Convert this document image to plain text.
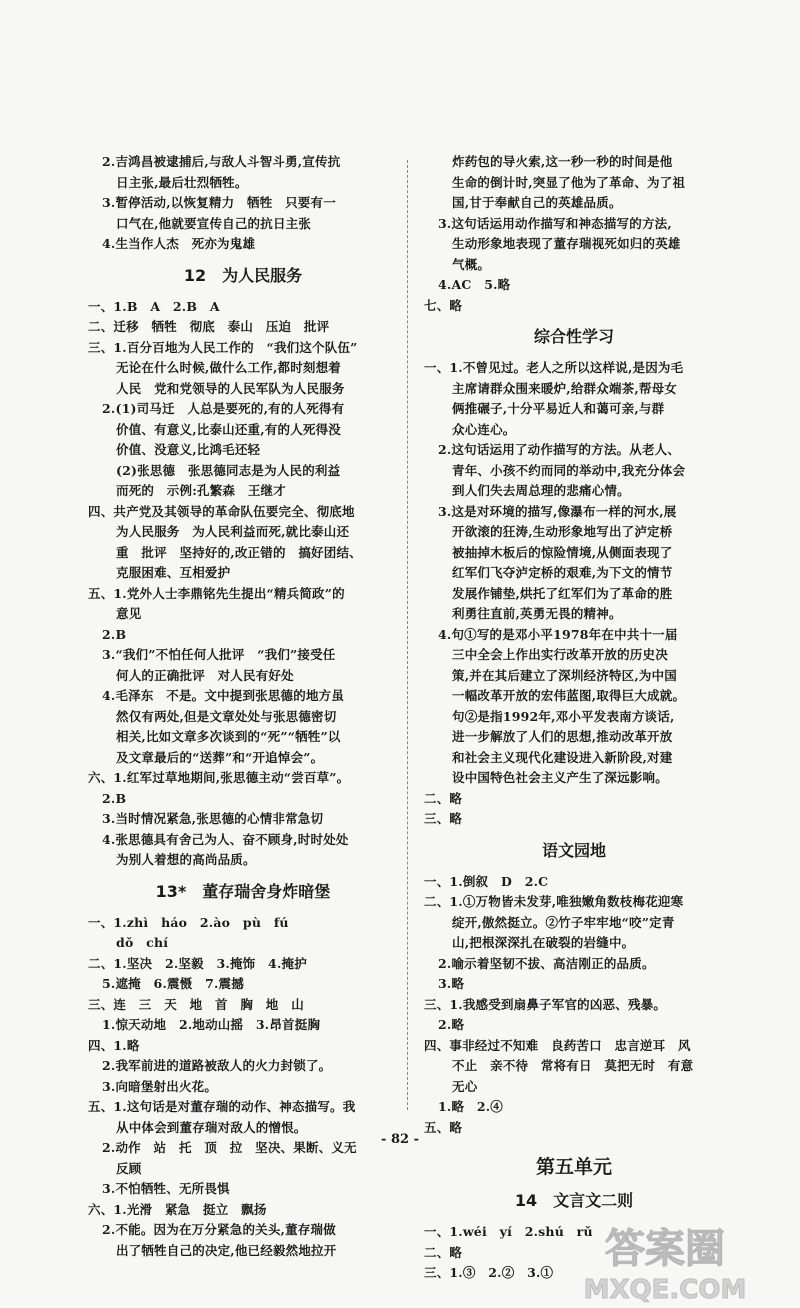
2.吉鸿昌被逮捕后,与敌人斗智斗勇,宣传抗
日主张,最后壮烈牺牲。
3.暂停活动,以恢复精力　牺牲　只要有一
口气在,他就要宣传自己的抗日主张
4.生当作人杰　死亦为鬼雄
12　为人民服务
一、1.B　A　2.B　A
二、迁移　牺牲　彻底　泰山　压迫　批评
三、1.百分百地为人民工作的　“我们这个队伍”
无论在什么时候,做什么工作,都时刻想着
人民　党和党领导的人民军队为人民服务
2.(1)司马迁　人总是要死的,有的人死得有
价值、有意义,比泰山还重,有的人死得没
价值、没意义,比鸿毛还轻
(2)张思德　张思德同志是为人民的利益
而死的　示例:孔繁森　王继才
四、共产党及其领导的革命队伍要完全、彻底地
为人民服务　为人民利益而死,就比泰山还
重　批评　坚持好的,改正错的　搞好团结、
克服困难、互相爱护
五、1.党外人士李鼎铭先生提出“精兵简政”的
意见
2.B
3.“我们”不怕任何人批评　“我们”接受任
何人的正确批评　对人民有好处
4.毛泽东　不是。文中提到张思德的地方虽
然仅有两处,但是文章处处与张思德密切
相关,比如文章多次谈到的“死”“牺牲”以
及文章最后的“送葬”和“开追悼会”。
六、1.红军过草地期间,张思德主动“尝百草”。
2.B
3.当时情况紧急,张思德的心情非常急切
4.张思德具有舍己为人、奋不顾身,时时处处
为别人着想的高尚品质。
13*　董存瑞舍身炸暗堡
一、1.zhì　háo　2.ào　pù　fú
dǒ　chí
二、1.坚决　2.坚毅　3.掩饰　4.掩护
5.遮掩　6.震慑　7.震撼
三、连　三　天　地　首　胸　地　山
1.惊天动地　2.地动山摇　3.昂首挺胸
四、1.略
2.我军前进的道路被敌人的火力封锁了。
3.向暗堡射出火花。
五、1.这句话是对董存瑞的动作、神态描写。我
从中体会到董存瑞对敌人的憎恨。
2.动作　站　托　顶　拉　坚决、果断、义无
反顾
3.不怕牺牲、无所畏惧
六、1.光滑　紧急　挺立　飘扬
2.不能。因为在万分紧急的关头,董存瑞做
出了牺牲自己的决定,他已经毅然地拉开
炸药包的导火索,这一秒一秒的时间是他
生命的倒计时,突显了他为了革命、为了祖
国,甘于奉献自己的英雄品质。
3.这句话运用动作描写和神态描写的方法,
生动形象地表现了董存瑞视死如归的英雄
气概。
4.AC　5.略
七、略
综合性学习
一、1.不曾见过。老人之所以这样说,是因为毛
主席请群众围来暖炉,给群众端茶,帮母女
俩推碾子,十分平易近人和蔼可亲,与群
众心连心。
2.这句话运用了动作描写的方法。从老人、
青年、小孩不约而同的举动中,我充分体会
到人们失去周总理的悲痛心情。
3.这是对环境的描写,像瀑布一样的河水,展
开欲滚的狂涛,生动形象地写出了泸定桥
被抽掉木板后的惊险情境,从侧面表现了
红军们飞夺泸定桥的艰难,为下文的情节
发展作铺垫,烘托了红军们为了革命的胜
利勇往直前,英勇无畏的精神。
4.句①写的是邓小平1978年在中共十一届
三中全会上作出实行改革开放的历史决
策,并在其后建立了深圳经济特区,为中国
一幅改革开放的宏伟蓝图,取得巨大成就。
句②是指1992年,邓小平发表南方谈话,
进一步解放了人们的思想,推动改革开放
和社会主义现代化建设进入新阶段,对建
设中国特色社会主义产生了深远影响。
二、略
三、略
语文园地
一、1.倒叙　D　2.C
二、1.①万物皆未发芽,唯独嫩角数枝梅花迎寒
绽开,傲然挺立。②竹子牢牢地“咬”定青
山,把根深深扎在破裂的岩缝中。
2.喻示着坚韧不拔、高洁刚正的品质。
3.略
三、1.我感受到扇鼻子军官的凶恶、残暴。
2.略
四、事非经过不知难　良药苦口　忠言逆耳　风
不止　亲不待　常将有日　莫把无时　有意
无心
1.略　2.④
五、略
第五单元
14　文言文二则
一、1.wéi　yí　2.shú　rǔ
二、略
三、1.③　2.②　3.①
- 82 -
答案圈
MXQE.COM
